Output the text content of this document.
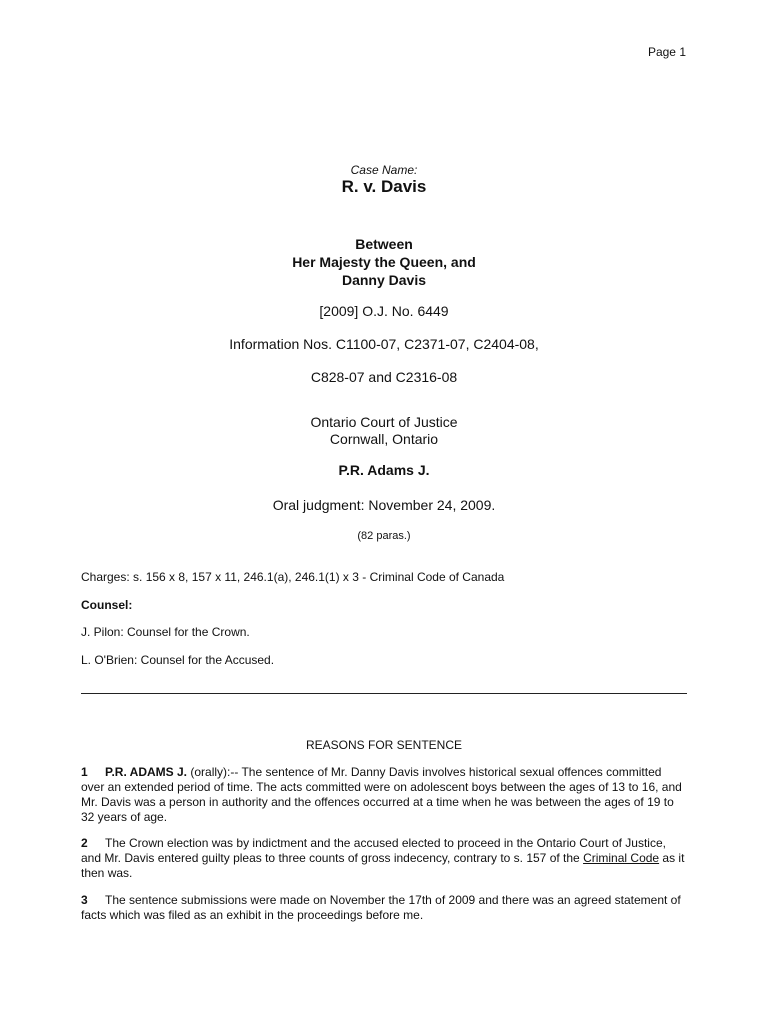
Page 1
Case Name:
R. v. Davis
Between
Her Majesty the Queen, and
Danny Davis
[2009] O.J. No. 6449
Information Nos. C1100-07, C2371-07, C2404-08,
C828-07 and C2316-08
Ontario Court of Justice
Cornwall, Ontario
P.R. Adams J.
Oral judgment: November 24, 2009.
(82 paras.)
Charges: s. 156 x 8, 157 x 11, 246.1(a), 246.1(1) x 3 - Criminal Code of Canada
Counsel:
J. Pilon: Counsel for the Crown.
L. O'Brien: Counsel for the Accused.
REASONS FOR SENTENCE
1 P.R. ADAMS J. (orally):-- The sentence of Mr. Danny Davis involves historical sexual offences committed over an extended period of time. The acts committed were on adolescent boys between the ages of 13 to 16, and Mr. Davis was a person in authority and the offences occurred at a time when he was between the ages of 19 to 32 years of age.
2 The Crown election was by indictment and the accused elected to proceed in the Ontario Court of Justice, and Mr. Davis entered guilty pleas to three counts of gross indecency, contrary to s. 157 of the Criminal Code as it then was.
3 The sentence submissions were made on November the 17th of 2009 and there was an agreed statement of facts which was filed as an exhibit in the proceedings before me.
